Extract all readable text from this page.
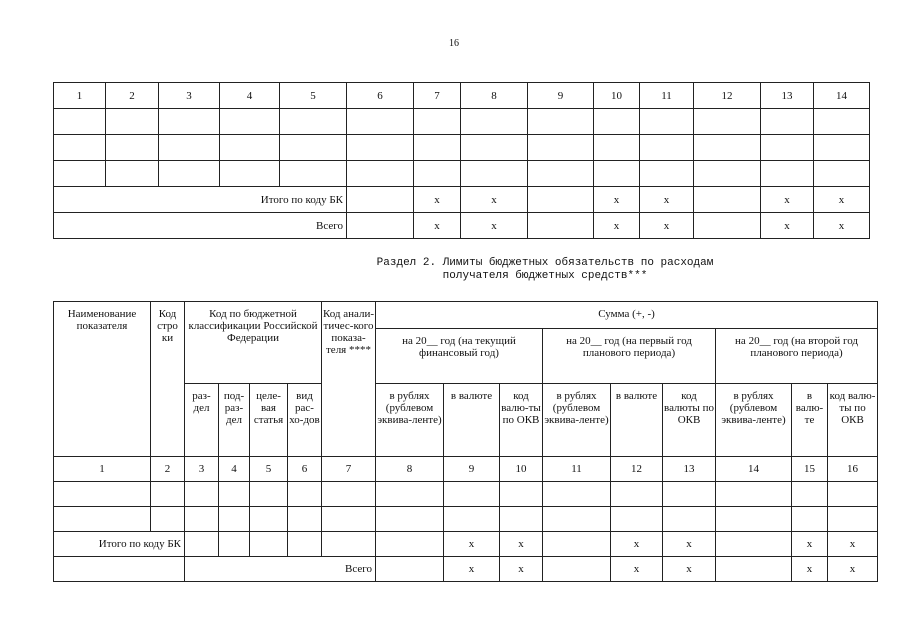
16
1	2	3	4	5	6	7	8	9	10	11	12	13	14

Итого по коду БК						x	x		x	x		x	x
Всего						x	x		x	x		x	x
Раздел 2. Лимиты бюджетных обязательств по расходам
получателя бюджетных средств***
Наименование показателя	Код стро ки	Код по бюджетной классификации Российской Федерации				Код анали-тичес-кого показа-теля ****	Сумма (+, -)								
							на 20__ год (на текущий финансовый год)			на 20__ год (на первый год планового периода)			на 20__ год (на второй год планового периода)		
		раз-дел	под-раз-дел	целе-вая статья	вид рас-хо-дов		в рублях (рублевом эквива-ленте)	в валюте	код валю-ты по ОКВ	в рублях (рублевом эквива-ленте)	в валюте	код валюты по ОКВ	в рублях (рублевом эквива-ленте)	в валю-те	код валю-ты по ОКВ
1	2	3	4	5	6	7	8	9	10	11	12	13	14	15	16

Итого по коду БК								x	x		x	x		x	x
		Всего						x	x		x	x		x	x
